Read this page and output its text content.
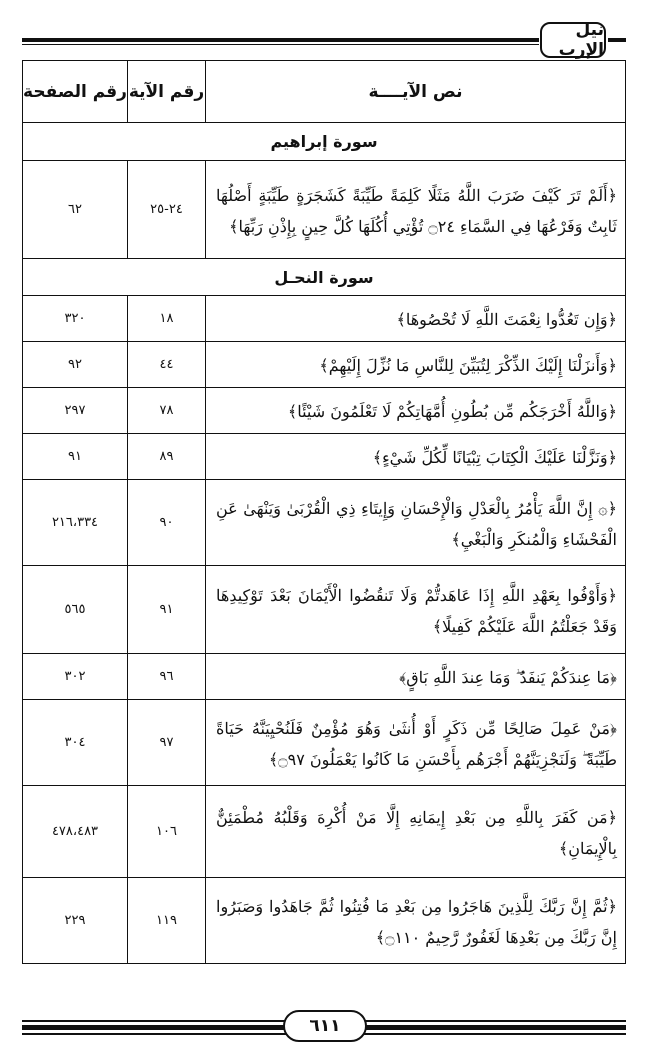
نيل الإرب
نص الآيــــة	رقم الآية	رقم الصفحة
سورة إبراهيم		
﴿أَلَمْ تَرَ كَيْفَ ضَرَبَ اللَّهُ مَثَلًا كَلِمَةً طَيِّبَةً كَشَجَرَةٍ طَيِّبَةٍ أَصْلُهَا ثَابِتٌ وَفَرْعُهَا فِي السَّمَاءِ ۝٢٤ تُؤْتِي أُكُلَهَا كُلَّ حِينٍ بِإِذْنِ رَبِّهَا﴾	٢٤-٢٥	٦٢
سورة النحـل		
﴿وَإِن تَعُدُّوا نِعْمَتَ اللَّهِ لَا تُحْصُوهَا﴾	١٨	٣٢٠
﴿وَأَنزَلْنَا إِلَيْكَ الذِّكْرَ لِتُبَيِّنَ لِلنَّاسِ مَا نُزِّلَ إِلَيْهِمْ﴾	٤٤	٩٢
﴿وَاللَّهُ أَخْرَجَكُم مِّن بُطُونِ أُمَّهَاتِكُمْ لَا تَعْلَمُونَ شَيْئًا﴾	٧٨	٢٩٧
﴿وَنَزَّلْنَا عَلَيْكَ الْكِتَابَ تِبْيَانًا لِّكُلِّ شَيْءٍ﴾	٨٩	٩١
﴿۞ إِنَّ اللَّهَ يَأْمُرُ بِالْعَدْلِ وَالْإِحْسَانِ وَإِيتَاءِ ذِي الْقُرْبَىٰ وَيَنْهَىٰ عَنِ الْفَحْشَاءِ وَالْمُنكَرِ وَالْبَغْيِ﴾	٩٠	٢١٦،٣٣٤
﴿وَأَوْفُوا بِعَهْدِ اللَّهِ إِذَا عَاهَدتُّمْ وَلَا تَنقُضُوا الْأَيْمَانَ بَعْدَ تَوْكِيدِهَا وَقَدْ جَعَلْتُمُ اللَّهَ عَلَيْكُمْ كَفِيلًا﴾	٩١	٥٦٥
﴿مَا عِندَكُمْ يَنفَدُ ۖ وَمَا عِندَ اللَّهِ بَاقٍ﴾	٩٦	٣٠٢
﴿مَنْ عَمِلَ صَالِحًا مِّن ذَكَرٍ أَوْ أُنثَىٰ وَهُوَ مُؤْمِنٌ فَلَنُحْيِيَنَّهُ حَيَاةً طَيِّبَةً ۖ وَلَنَجْزِيَنَّهُمْ أَجْرَهُم بِأَحْسَنِ مَا كَانُوا يَعْمَلُونَ ۝٩٧﴾	٩٧	٣٠٤
﴿مَن كَفَرَ بِاللَّهِ مِن بَعْدِ إِيمَانِهِ إِلَّا مَنْ أُكْرِهَ وَقَلْبُهُ مُطْمَئِنٌّ بِالْإِيمَانِ﴾	١٠٦	٤٧٨،٤٨٣
﴿ثُمَّ إِنَّ رَبَّكَ لِلَّذِينَ هَاجَرُوا مِن بَعْدِ مَا فُتِنُوا ثُمَّ جَاهَدُوا وَصَبَرُوا إِنَّ رَبَّكَ مِن بَعْدِهَا لَغَفُورٌ رَّحِيمٌ ۝١١٠﴾	١١٩	٢٢٩
٦١١
